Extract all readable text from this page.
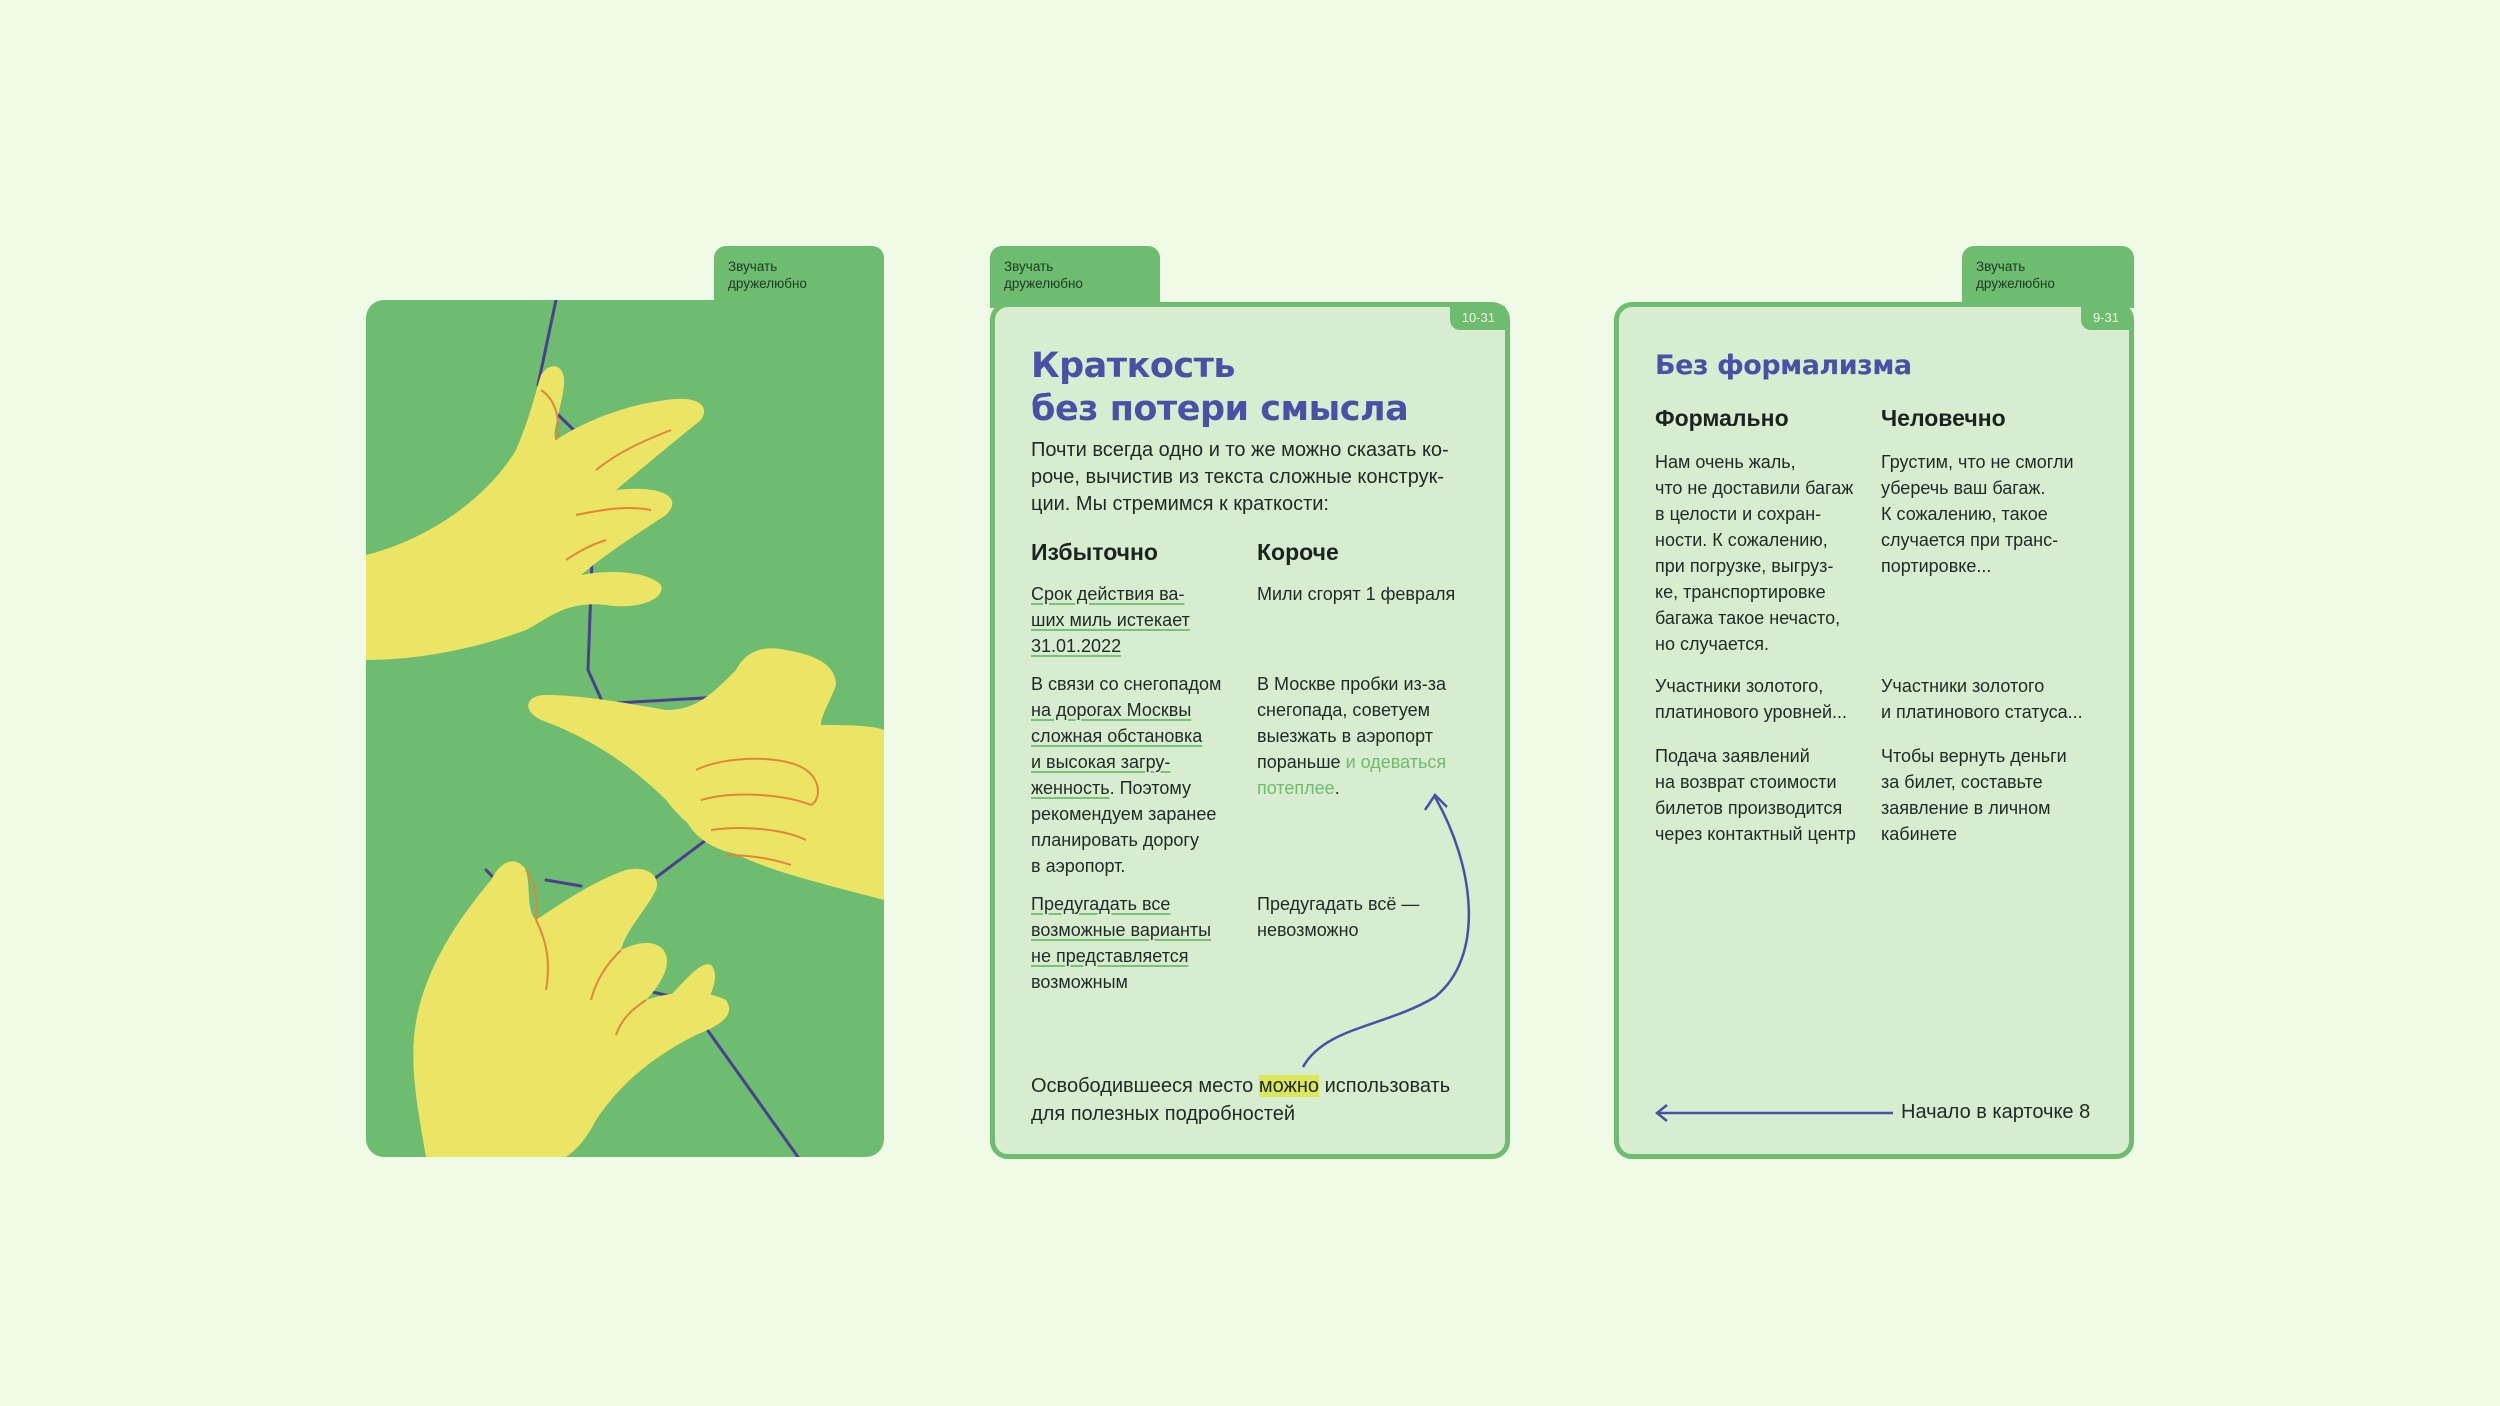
Звучать
дружелюбно
Звучать
дружелюбно
10-31
Краткость
без потери смысла
Почти всегда одно и то же можно сказать ко-
роче, вычистив из текста сложные конструк-
ции. Мы стремимся к краткости:
Избыточно	Короче
Срок действия ва-
ших миль истекает
31.01.2022
Мили сгорят 1 февраля
В связи со снегопадом
на дорогах Москвы
сложная обстановка
и высокая загру-
женность. Поэтому
рекомендуем заранее
планировать дорогу
в аэропорт.
В Москве пробки из-за
снегопада, советуем
выезжать в аэропорт
пораньше и одеваться
потеплее.
Предугадать все
возможные варианты
не представляется
возможным
Предугадать всё —
невозможно
Освободившееся место можно использовать
для полезных подробностей
Звучать
дружелюбно
9-31
Без формализма
Формально	Человечно
Нам очень жаль,
что не доставили багаж
в целости и сохран-
ности. К сожалению,
при погрузке, выгруз-
ке, транспортировке
багажа такое нечасто,
но случается.
Грустим, что не смогли
уберечь ваш багаж.
К сожалению, такое
случается при транс-
портировке...
Участники золотого,
платинового уровней...
Участники золотого
и платинового статуса...
Подача заявлений
на возврат стоимости
билетов производится
через контактный центр
Чтобы вернуть деньги
за билет, составьте
заявление в личном
кабинете
Начало в карточке 8
